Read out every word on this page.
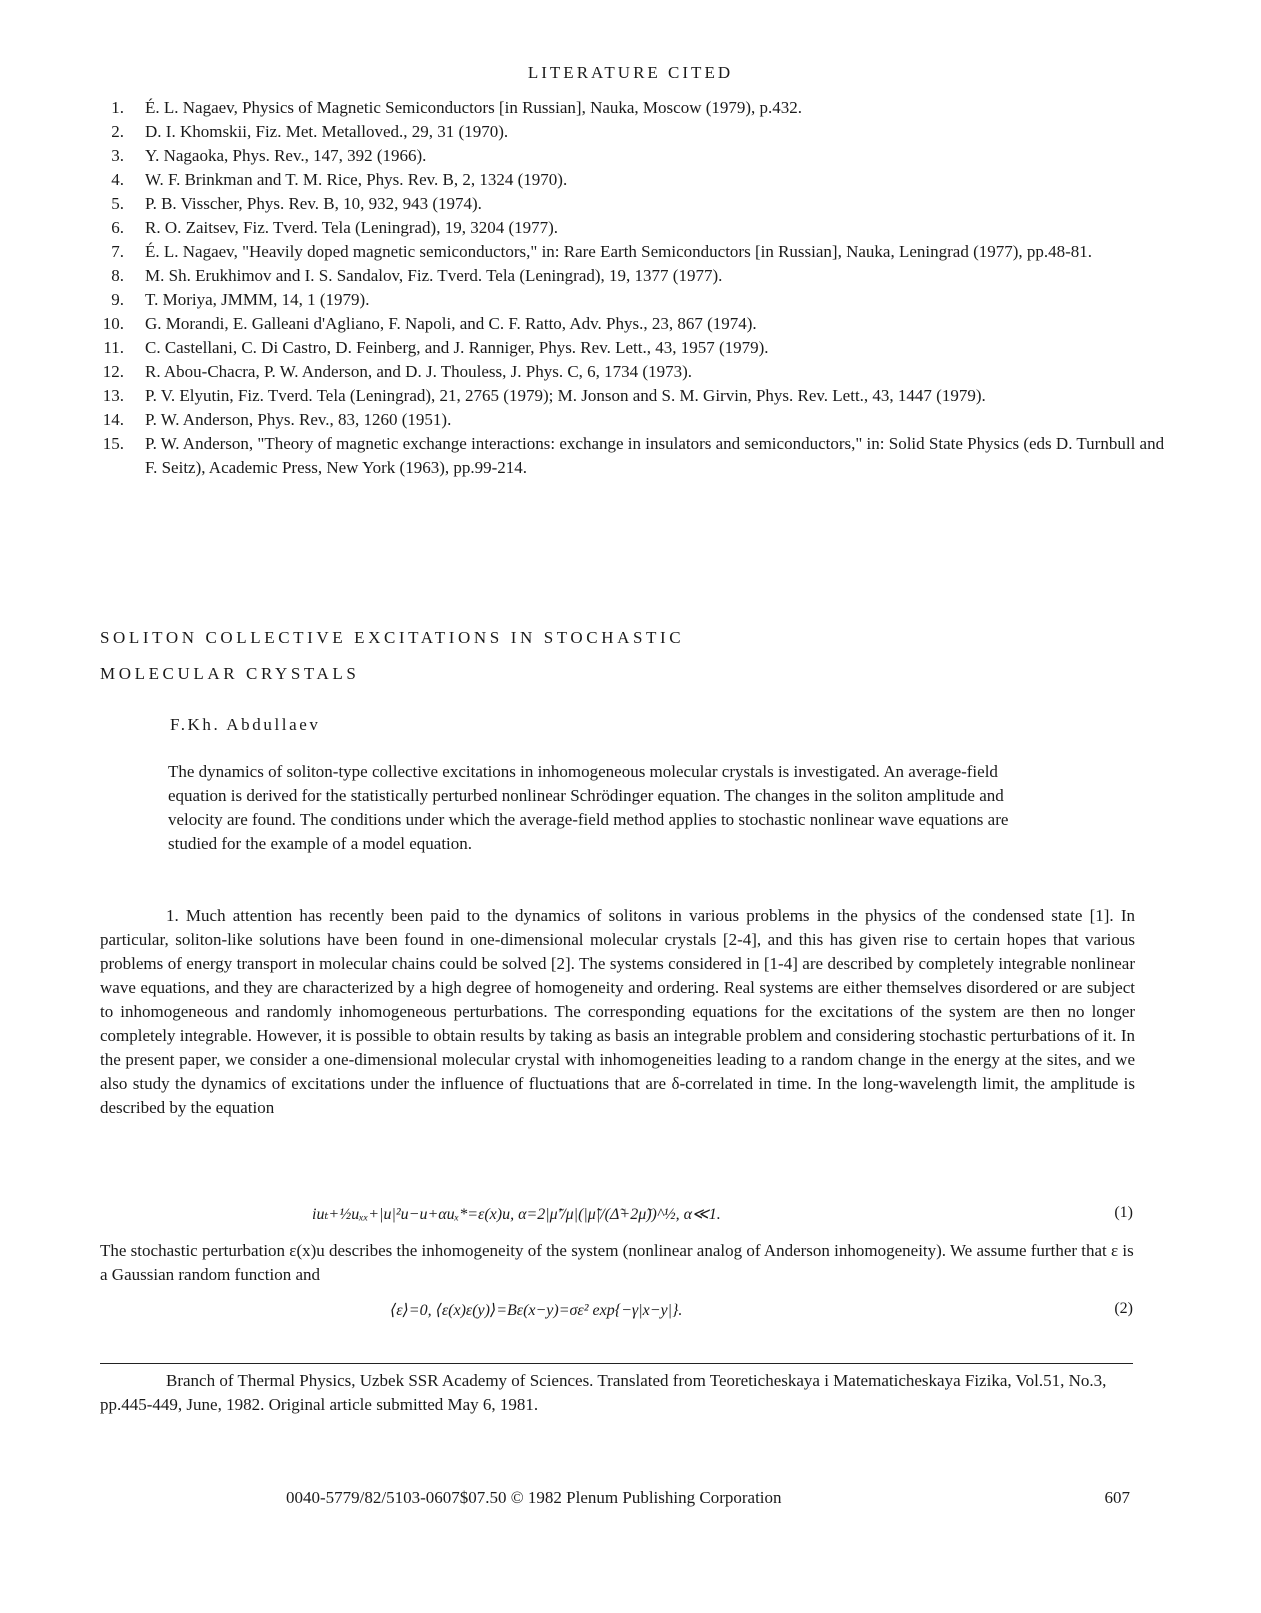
LITERATURE CITED
1. É. L. Nagaev, Physics of Magnetic Semiconductors [in Russian], Nauka, Moscow (1979), p.432.
2. D. I. Khomskii, Fiz. Met. Metalloved., 29, 31 (1970).
3. Y. Nagaoka, Phys. Rev., 147, 392 (1966).
4. W. F. Brinkman and T. M. Rice, Phys. Rev. B, 2, 1324 (1970).
5. P. B. Visscher, Phys. Rev. B, 10, 932, 943 (1974).
6. R. O. Zaitsev, Fiz. Tverd. Tela (Leningrad), 19, 3204 (1977).
7. É. L. Nagaev, "Heavily doped magnetic semiconductors," in: Rare Earth Semiconductors [in Russian], Nauka, Leningrad (1977), pp.48-81.
8. M. Sh. Erukhimov and I. S. Sandalov, Fiz. Tverd. Tela (Leningrad), 19, 1377 (1977).
9. T. Moriya, JMMM, 14, 1 (1979).
10. G. Morandi, E. Galleani d'Agliano, F. Napoli, and C. F. Ratto, Adv. Phys., 23, 867 (1974).
11. C. Castellani, C. Di Castro, D. Feinberg, and J. Ranniger, Phys. Rev. Lett., 43, 1957 (1979).
12. R. Abou-Chacra, P. W. Anderson, and D. J. Thouless, J. Phys. C, 6, 1734 (1973).
13. P. V. Elyutin, Fiz. Tverd. Tela (Leningrad), 21, 2765 (1979); M. Jonson and S. M. Girvin, Phys. Rev. Lett., 43, 1447 (1979).
14. P. W. Anderson, Phys. Rev., 83, 1260 (1951).
15. P. W. Anderson, "Theory of magnetic exchange interactions: exchange in insulators and semiconductors," in: Solid State Physics (eds D. Turnbull and F. Seitz), Academic Press, New York (1963), pp.99-214.
SOLITON COLLECTIVE EXCITATIONS IN STOCHASTIC
MOLECULAR CRYSTALS
F.Kh. Abdullaev
The dynamics of soliton-type collective excitations in inhomogeneous molecular crystals is investigated. An average-field equation is derived for the statistically perturbed nonlinear Schrödinger equation. The changes in the soliton amplitude and velocity are found. The conditions under which the average-field method applies to stochastic nonlinear wave equations are studied for the example of a model equation.

1. Much attention has recently been paid to the dynamics of solitons in various problems in the physics of the condensed state [1]. In particular, soliton-like solutions have been found in one-dimensional molecular crystals [2-4], and this has given rise to certain hopes that various problems of energy transport in molecular chains could be solved [2]. The systems considered in [1-4] are described by completely integrable nonlinear wave equations, and they are characterized by a high degree of homogeneity and ordering. Real systems are either themselves disordered or are subject to inhomogeneous and randomly inhomogeneous perturbations. The corresponding equations for the excitations of the system are then no longer completely integrable. However, it is possible to obtain results by taking as basis an integrable problem and considering stochastic perturbations of it. In the present paper, we consider a one-dimensional molecular crystal with inhomogeneities leading to a random change in the energy at the sites, and we also study the dynamics of excitations under the influence of fluctuations that are δ-correlated in time. In the long-wavelength limit, the amplitude is described by the equation

iuₜ+½uₓₓ+|u|²u−u+αuₓ*=ε(x)u, α=2|μ̃′/μ|(|μ̃|/(Δ̃+2μ̃))^½, α≪1.	(1)
The stochastic perturbation ε(x)u describes the inhomogeneity of the system (nonlinear analog of Anderson inhomogeneity). We assume further that ε is a Gaussian random function and
⟨ε⟩=0, ⟨ε(x)ε(y)⟩=Bε(x−y)=σε² exp{−γ|x−y|}.	(2)

Branch of Thermal Physics, Uzbek SSR Academy of Sciences. Translated from Teoreticheskaya i Matematicheskaya Fizika, Vol.51, No.3, pp.445-449, June, 1982. Original article submitted May 6, 1981.

0040-5779/82/5103-0607$07.50 © 1982 Plenum Publishing Corporation	607
